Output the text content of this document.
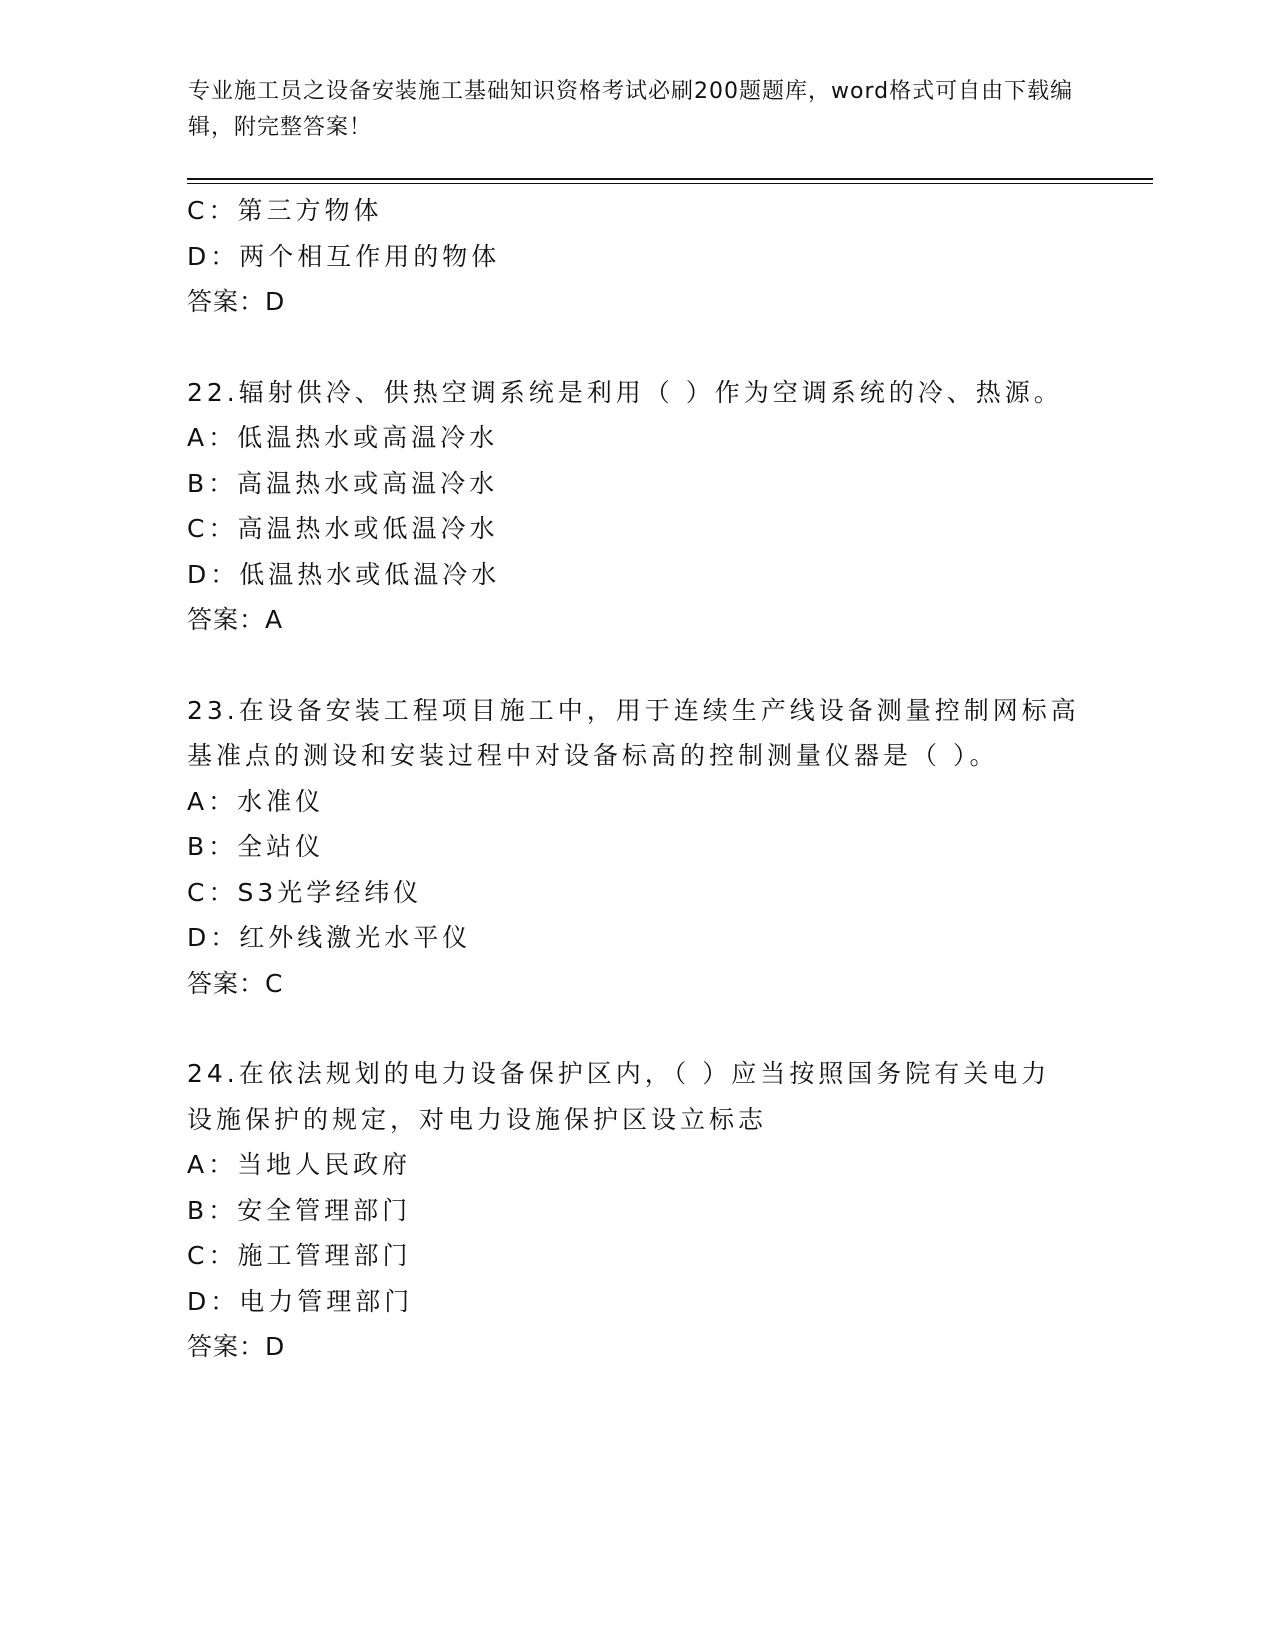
专业施工员之设备安装施工基础知识资格考试必刷200题题库，word格式可自由下载编辑，附完整答案！

C：第三方物体

D：两个相互作用的物体

答案：D

22.辐射供冷、供热空调系统是利用（ ）作为空调系统的冷、热源。

A：低温热水或高温冷水

B：高温热水或高温冷水

C：高温热水或低温冷水

D：低温热水或低温冷水

答案：A

23.在设备安装工程项目施工中，用于连续生产线设备测量控制网标高

基准点的测设和安装过程中对设备标高的控制测量仪器是（ ）。

A：水准仪

B：全站仪

C：S3光学经纬仪

D：红外线激光水平仪

答案：C

24.在依法规划的电力设备保护区内，（ ）应当按照国务院有关电力

设施保护的规定，对电力设施保护区设立标志

A：当地人民政府

B：安全管理部门

C：施工管理部门

D：电力管理部门

答案：D
